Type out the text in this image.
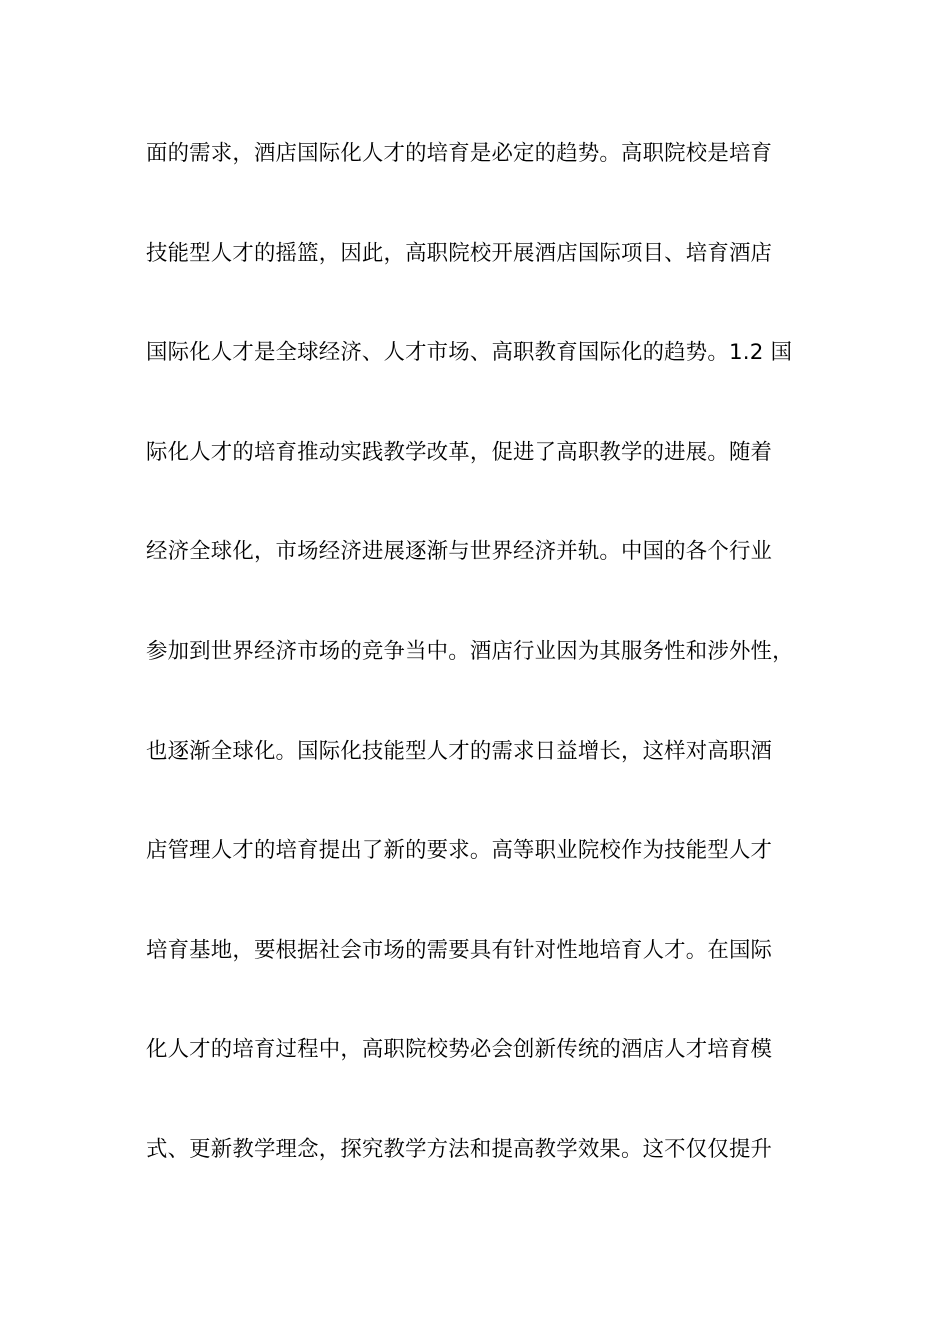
面的需求，酒店国际化人才的培育是必定的趋势。高职院校是培育
技能型人才的摇篮，因此，高职院校开展酒店国际项目、培育酒店
国际化人才是全球经济、人才市场、高职教育国际化的趋势。1.2 国
际化人才的培育推动实践教学改革，促进了高职教学的进展。随着
经济全球化，市场经济进展逐渐与世界经济并轨。中国的各个行业
参加到世界经济市场的竞争当中。酒店行业因为其服务性和涉外性，
也逐渐全球化。国际化技能型人才的需求日益增长，这样对高职酒
店管理人才的培育提出了新的要求。高等职业院校作为技能型人才
培育基地，要根据社会市场的需要具有针对性地培育人才。在国际
化人才的培育过程中，高职院校势必会创新传统的酒店人才培育模
式、更新教学理念，探究教学方法和提高教学效果。这不仅仅提升
